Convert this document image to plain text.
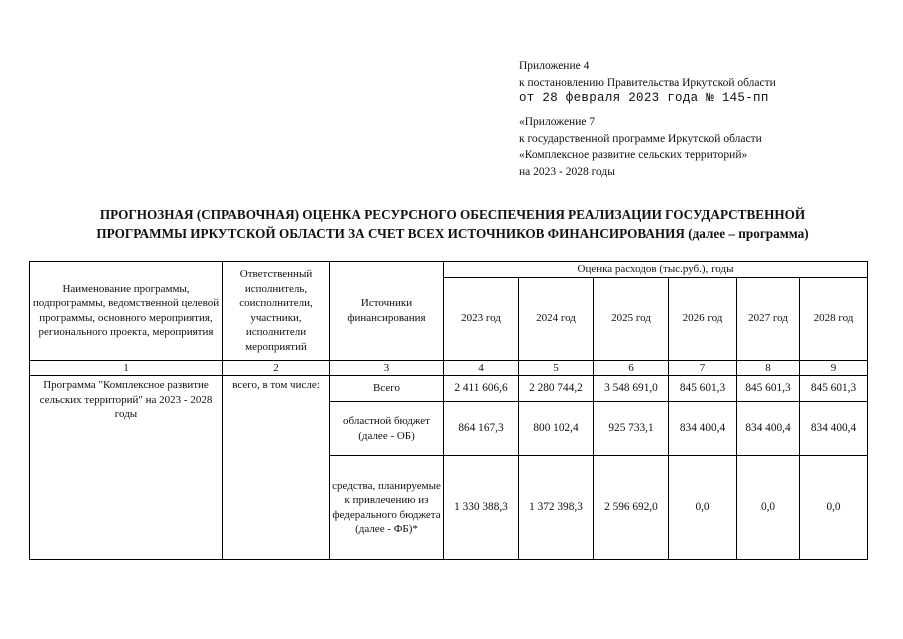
Приложение 4
к постановлению Правительства Иркутской области
от 28 февраля 2023 года № 145-пп
«Приложение 7
к государственной программе Иркутской области
«Комплексное развитие сельских территорий»
на 2023 - 2028 годы
ПРОГНОЗНАЯ (СПРАВОЧНАЯ) ОЦЕНКА РЕСУРСНОГО ОБЕСПЕЧЕНИЯ РЕАЛИЗАЦИИ ГОСУДАРСТВЕННОЙ
ПРОГРАММЫ ИРКУТСКОЙ ОБЛАСТИ ЗА СЧЕТ ВСЕХ ИСТОЧНИКОВ ФИНАНСИРОВАНИЯ (далее – программа)
Наименование программы, подпрограммы, ведомственной целевой программы, основного мероприятия, регионального проекта, мероприятия	Ответственный исполнитель, соисполнители, участники, исполнители мероприятий	Источники финансирования	Оценка расходов (тыс.руб.), годы					
			2023 год	2024 год	2025 год	2026 год	2027 год	2028 год
1	2	3	4	5	6	7	8	9
Программа "Комплексное развитие сельских территорий" на 2023 - 2028 годы	всего, в том числе:	Всего	2 411 606,6	2 280 744,2	3 548 691,0	845 601,3	845 601,3	845 601,3
		областной бюджет (далее - ОБ)	864 167,3	800 102,4	925 733,1	834 400,4	834 400,4	834 400,4
		средства, планируемые к привлечению из федерального бюджета (далее - ФБ)*	1 330 388,3	1 372 398,3	2 596 692,0	0,0	0,0	0,0
